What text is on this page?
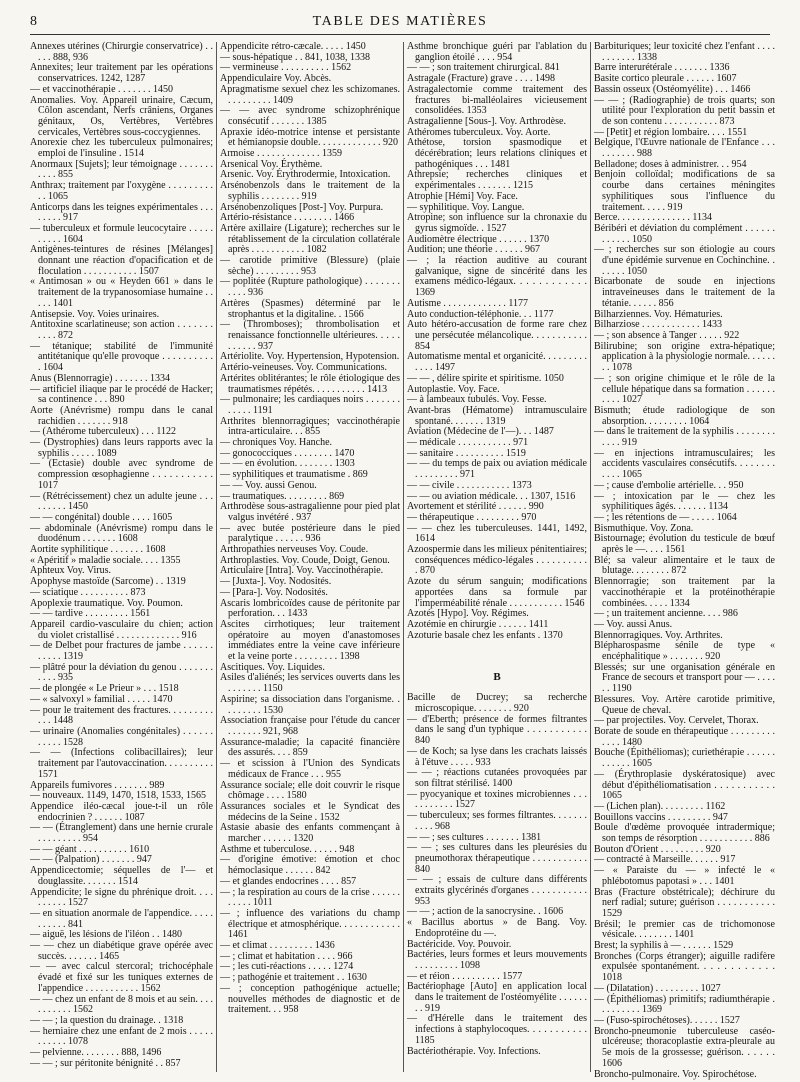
8	TABLE DES MATIÈRES
Annexes utérines (Chirurgie conservatrice) . . . . . 888, 936
Annexites; leur traitement par les opérations conservatrices. 1242, 1287
— et vaccinothérapie . . . . . . . 1450
Anomalies. Voy. Appareil urinaire, Cæcum, Côlon ascendant, Nerfs crâniens, Organes génitaux, Os, Vertèbres, Vertèbres cervicales, Vertèbres sous-coccygiennes.
Anorexie chez les tuberculeux pulmonaires; emploi de l'insuline . 1514
Anormaux [Sujets]; leur témoignage . . . . . . . . . . . 855
Anthrax; traitement par l'oxygène . . . . . . . . . . . 1065
Anticorps dans les teignes expérimentales . . . . . . . . 917
— tuberculeux et formule leucocytaire . . . . . . . . . . 1604
Antigènes-teintures de résines [Mélanges] donnant une réaction d'opacification et de floculation . . . . . . . . . . . 1507
« Antimosan » ou « Heyden 661 » dans le traitement de la trypanosomiase humaine . . . . . 1401
Antisepsie. Voy. Voies urinaires.
Antitoxine scarlatineuse; son action . . . . . . . . . . . 872
— tétanique; stabilité de l'immunité antitétanique qu'elle provoque . . . . . . . . . . . 1604
Anus (Blennorragie) . . . . . . . 1334
— artificiel iliaque par le procédé de Hacker; sa continence . . . 890
Aorte (Anévrisme) rompu dans le canal rachidien . . . . . . . 918
— (Athérome tuberculeux) . . . 1122
— (Dystrophies) dans leurs rapports avec la syphilis . . . . . 1089
— (Ectasie) double avec syndrome de compression œsophagienne . . . . . . . . . . . 1017
— (Rétrécissement) chez un adulte jeune . . . . . . . . . 1450
— — congénital) double . . . . 1605
— abdominale (Anévrisme) rompu dans le duodénum . . . . . . . 1608
Aortite syphilitique . . . . . . . 1608
« Apéritif » maladie sociale. . . . 1355
Aphteux Voy. Virus.
Apophyse mastoïde (Sarcome) . . 1319
— sciatique . . . . . . . . . . 873
Apoplexie traumatique. Voy. Poumon.
— — tardive . . . . . . . . . 1561
Appareil cardio-vasculaire du chien; action du violet cristallisé . . . . . . . . . . . . . 916
— de Delbet pour fractures de jambe . . . . . . . . . . . 1319
— plâtré pour la déviation du genou . . . . . . . . . . . 935
— de plongée « Le Prieur » . . . 1518
— « salvoxyl » familial . . . . . 1470
— pour le traitement des fractures. . . . . . . . . . . . 1448
— urinaire (Anomalies congénitales) . . . . . . . . . . . 1528
— — (Infections colibacillaires); leur traitement par l'autovaccination. . . . . . . . . . 1571
Appareils fumivores . . . . . . . 989
— nouveaux. 1149, 1470, 1518, 1533, 1565
Appendice iléo-cæcal joue-t-il un rôle endocrinien ? . . . . . . 1087
— — (Étranglement) dans une hernie crurale . . . . . . . . . 954
— — géant . . . . . . . . . . 1610
— — (Palpation) . . . . . . . 947
Appendicectomie; séquelles de l'— et douglassite. . . . . . . 1514
Appendicite; le signe du phrénique droit. . . . . . . . . . 1527
— en situation anormale de l'appendice. . . . . . . . . . . 841
— aiguë, les lésions de l'iléon . . 1480
— — chez un diabétique grave opérée avec succès. . . . . . . 1465
— — avec calcul stercoral; trichocéphale évadé et fixé sur les tuniques externes de l'appendice . . . . . . . . . . . 1562
— — chez un enfant de 8 mois et au sein. . . . . . . . . . . 1562
— — ; la question du drainage. . 1318
— herniaire chez une enfant de 2 mois . . . . . . . . . . . 1078
— pelvienne. . . . . . . . 888, 1496
— — ; sur péritonite bénignité . . 857
Appendicite rétro-cæcale. . . . . 1450
— sous-hépatique . . 841, 1038, 1338
— vermineuse . . . . . . . . . . 1562
Appendiculaire Voy. Abcès.
Apragmatisme sexuel chez les schizomanes. . . . . . . . . . 1409
— — avec syndrome schizophrénique consécutif . . . . . . . 1385
Apraxie idéo-motrice intense et persistante et hémianopsie double. . . . . . . . . . . . . 920
Armoise . . . . . . . . . . . . . 1359
Arsenical Voy. Érythème.
Arsenic. Voy. Érythrodermie, Intoxication.
Arsénobenzols dans le traitement de la syphilis . . . . . . . . 919
Arsénobenzoliques [Post-] Voy. Purpura.
Artério-résistance . . . . . . . . 1466
Artère axillaire (Ligature); recherches sur le rétablissement de la circulation collatérale après . . . . . . . . . . . 1082
— carotide primitive (Blessure) (plaie sèche) . . . . . . . . . 953
— poplitée (Rupture pathologique) . . . . . . . . . . . 936
Artères (Spasmes) déterminé par le strophantus et la digitaline. . 1566
— (Thromboses); thrombolisation et renaissance fonctionnelle ultérieures. . . . . . . . . . . 937
Artériolite. Voy. Hypertension, Hypotension.
Artério-veineuses. Voy. Communications.
Artérites oblitérantes; le rôle étiologique des traumatismes répétés. . . . . . . . . . . 1413
— pulmonaire; les cardiaques noirs . . . . . . . . . . . . 1191
Arthrites blennorragiques; vaccinothérapie intra-articulaire. . . 855
— chroniques Voy. Hanche.
— gonococciques . . . . . . . . 1470
— — en évolution. . . . . . . . 1303
— syphilitiques et traumatisme . 869
— — Voy. aussi Genou.
— traumatiques. . . . . . . . . 869
Arthrodèse sous-astragalienne pour pied plat valgus invétéré . 937
— avec butée postérieure dans le pied paralytique . . . . . . 936
Arthropathies nerveuses Voy. Coude.
Arthroplasties. Voy. Coude, Doigt, Genou.
Articulaire [Intra]. Voy. Vaccinothérapie.
— [Juxta-]. Voy. Nodosités.
— [Para-]. Voy. Nodosités.
Ascaris lombricoïdes cause de péritonite par perforation. . . 1433
Ascites cirrhotiques; leur traitement opératoire au moyen d'anastomoses immédiates entre la veine cave inférieure et la veine porte . . . . . . . . . 1398
Ascitiques. Voy. Liquides.
Asiles d'aliénés; les services ouverts dans les . . . . . . . 1150
Aspirine; sa dissociation dans l'organisme. . . . . . . . . 1530
Association française pour l'étude du cancer . . . . . . . 921, 968
Assurance-maladie; la capacité financière des assurés. . . . 859
— et scission à l'Union des Syndicats médicaux de France . . . 955
Assurance sociale; elle doit couvrir le risque chômage . . . . 1580
Assurances sociales et le Syndicat des médecins de la Seine . 1532
Astasie abasie des enfants commençant à marcher . . . . . . 1320
Asthme et tuberculose. . . . . . 948
— d'origine émotive: émotion et choc hémoclasique . . . . . . 842
— et glandes endocrines . . . . 857
— ; la respiration au cours de la crise . . . . . . . . . . . 1011
— ; influence des variations du champ électrique et atmosphérique. . . . . . . . . . . . 1461
— et climat . . . . . . . . . 1436
— ; climat et habitation . . . . 966
— ; les cuti-réactions . . . . . 1274
— ; pathogénie et traitement . . 1630
— ; conception pathogénique actuelle; nouvelles méthodes de diagnostic et de traitement. . . 958
Asthme bronchique guéri par l'ablation du ganglion étoilé . . . . 954
— — ; son traitement chirurgical. 841
Astragale (Fracture) grave . . . . 1498
Astragalectomie comme traitement des fractures bi-malléolaires vicieusement consolidées. 1353
Astragalienne [Sous-]. Voy. Arthrodèse.
Athéromes tuberculeux. Voy. Aorte.
Athétose, torsion spasmodique et décérébration; leurs relations cliniques et pathogéniques . . . 1481
Athrepsie; recherches cliniques et expérimentales . . . . . . . 1215
Atrophie [Hémi] Voy. Face.
— syphilitique. Voy. Langue.
Atropine; son influence sur la chronaxie du gyrus sigmoïde. . 1527
Audiomètre électrique . . . . . . 1370
Audition; une théorie . . . . . . 967
— ; la réaction auditive au courant galvanique, signe de sincérité dans les examens médico-légaux. . . . . . . . . . . . 1369
Autisme . . . . . . . . . . . . . 1177
Auto conduction-téléphonie. . . 1177
Auto hétéro-accusation de forme rare chez une persécutée mélancolique. . . . . . . . . . . 854
Automatisme mental et organicité. . . . . . . . . . . . . 1497
— — , délire spirite et spiritisme. 1050
Autoplastie. Voy. Face.
— à lambeaux tubulés. Voy. Fesse.
Avant-bras (Hématome) intramusculaire spontané. . . . . . . 1319
Aviation (Médecine de l'—). . . 1487
— médicale . . . . . . . . . . . 971
— sanitaire . . . . . . . . . . 1519
— — du temps de paix ou aviation médicale . . . . . . . . . 971
— — civile . . . . . . . . . . . 1373
— — ou aviation médicale. . . 1307, 1516
Avortement et stérilité . . . . . . 990
— thérapeutique . . . . . . . . . 970
— — chez les tuberculeuses. 1441, 1492, 1614
Azoospermie dans les milieux pénitentiaires; conséquences médico-légales . . . . . . . . . . . 870
Azote du sérum sanguin; modifications apportées dans sa formule par l'imperméabilité rénale . . . . . . . . . . . 1546
Azotés [Hypo]. Voy. Régimes.
Azotémie en chirurgie . . . . . . 1411
Azoturie basale chez les enfants . 1370
B
Bacille de Ducrey; sa recherche microscopique. . . . . . . . 920
— d'Eberth; présence de formes filtrantes dans le sang d'un typhique . . . . . . . . . . . 840
— de Koch; sa lyse dans les crachats laissés à l'étuve . . . . . 933
— — ; réactions cutanées provoquées par son filtrat stérilisé. 1400
— pyocyanique et toxines microbiennes . . . . . . . . . . . 1527
— tuberculeux; ses formes filtrantes. . . . . . . . . . . 968
— — ; ses cultures . . . . . . . 1381
— — ; ses cultures dans les pleurésies du pneumothorax thérapeutique . . . . . . . . . . . 840
— — ; essais de culture dans différents extraits glycérinés d'organes . . . . . . . . . . . 953
— — ; action de la sanocrysine. . 1606
« Bacillus abortus » de Bang. Voy. Endoprotéine du —.
Bactéricide. Voy. Pouvoir.
Bactéries, leurs formes et leurs mouvements . . . . . . . . . 1098
— et réion . . . . . . . . . . 1577
Bactériophage [Auto] en application local dans le traitement de l'ostéomyélite . . . . . . . . 919
— d'Hérelle dans le traitement des infections à staphylocoques. . . . . . . . . . . 1185
Bactériothérapie. Voy. Infections.
Barbituriques; leur toxicité chez l'enfant . . . . . . . . . . . 1338
Barre interurétérale . . . . . . . 1336
Basite cortico pleurale . . . . . . 1607
Bassin osseux (Ostéomyélite) . . . 1466
— — ; (Radiographie) de trois quarts; son utilité pour l'exploration du petit bassin et de son contenu . . . . . . . . . . . 873
— [Petit] et région lombaire. . . . 1551
Belgique, l'Œuvre nationale de l'Enfance . . . . . . . . . . 988
Belladone; doses à administrer. . . 954
Benjoin colloïdal; modifications de sa courbe dans certaines méningites syphilitiques sous l'influence du traitement. . . . . 919
Berce. . . . . . . . . . . . . . . 1134
Béribéri et déviation du complément . . . . . . . . . . . . 1050
— ; recherches sur son étiologie au cours d'une épidémie survenue en Cochinchine. . . . . . . 1050
Bicarbonate de soude en injections intraveineuses dans le traitement de la tétanie. . . . . . 856
Bilharziennes. Voy. Hématuries.
Bilharziose . . . . . . . . . . . . 1433
— ; son absence à Tanger . . . . . 922
Bilirubine; son origine extra-hépatique; application à la physiologie normale. . . . . . . . 1078
— ; son origine chimique et le rôle de la cellule hépatique dans sa formation . . . . . . . . . . 1027
Bismuth; étude radiologique de son absorption. . . . . . . . . 1064
— dans le traitement de la syphilis . . . . . . . . . . . . 919
— en injections intramusculaires; les accidents vasculaires consécutifs. . . . . . . . . . . . 1065
— ; cause d'embolie artérielle. . . 950
— ; intoxication par le — chez les syphilitiques âgés. . . . . . . 1134
— ; les rétentions de — . . . . . 1064
Bismuthique. Voy. Zona.
Bistournage; évolution du testicule de bœuf après le —. . . . 1561
Blé; sa valeur alimentaire et le taux de blutage. . . . . . . . 872
Blennorragie; son traitement par la vaccinothérapie et la protéinothérapie combinées. . . . . 1334
— ; un traitement ancienne. . . . 986
— Voy. aussi Anus.
Blennorragiques. Voy. Arthrites.
Blépharospasme sénile de type « encéphalitique » . . . . . . . 920
Blessés; sur une organisation générale en France de secours et transport pour — . . . . . . 1190
Blessures. Voy. Artère carotide primitive, Queue de cheval.
— par projectiles. Voy. Cervelet, Thorax.
Borate de soude en thérapeutique . . . . . . . . . . . . . 1480
Bouche (Épithéliomas); curiethérapie . . . . . . . . . . . . 1605
— (Érythroplasie dyskératosique) avec début d'épithéliomatisation . . . . . . . . . . . 1065
— (Lichen plan). . . . . . . . . 1162
Bouillons vaccins . . . . . . . . . 947
Boule d'œdème provoquée intradermique; son temps de résorption . . . . . . . . . . . 886
Bouton d'Orient . . . . . . . . . 920
— contracté à Marseille. . . . . . 917
— « Paraiste du — » infecté le « phlébotomus papotasi » . . . 1401
Bras (Fracture obstétricale); déchirure du nerf radial; suture; guérison . . . . . . . . . . . 1529
Brésil; le premier cas de trichomonose vésicale. . . . . . . . 1401
Brest; la syphilis à — . . . . . . 1529
Bronches (Corps étranger); aiguille radifère expulsée spontanément. . . . . . . . . . . . 1018
— (Dilatation) . . . . . . . . . 1027
— (Épithéliomas) primitifs; radiumthérapie . . . . . . . . . 1369
— (Fuso-spirochétoses). . . . . . 1527
Broncho-pneumonie tuberculeuse caséo-ulcéreuse; thoracoplastie extra-pleurale au 5e mois de la grossesse; guérison. . . . . . 1606
Broncho-pulmonaire. Voy. Spirochétose.
